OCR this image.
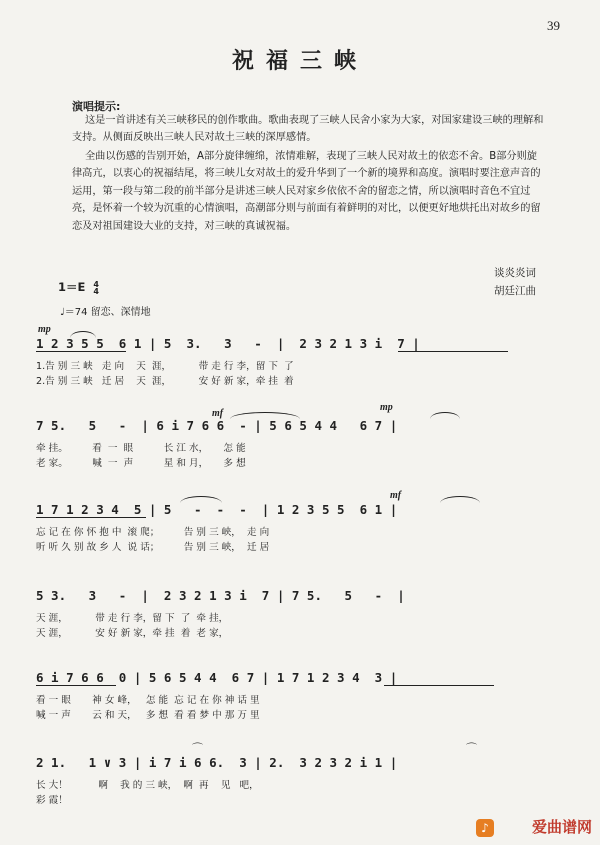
39
祝福三峡
演唱提示:
这是一首讲述有关三峡移民的创作歌曲。歌曲表现了三峡人民舍小家为大家，对国家建设三峡的理解和支持。从侧面反映出三峡人民对故土三峡的深厚感情。
全曲以伤感的告别开始，A部分旋律缠绵，浓情难解，表现了三峡人民对故土的依恋不舍。B部分则旋律高亢，以衷心的祝福结尾，将三峡儿女对故土的爱升华到了一个新的境界和高度。演唱时要注意声音的运用，第一段与第二段的前半部分是讲述三峡人民对家乡依依不舍的留恋之情，所以演唱时音色不宜过亮，是怀着一个较为沉重的心情演唱，高潮部分则与前面有着鲜明的对比，以便更好地烘托出对故乡的留恋及对祖国建设大业的支持，对三峡的真诚祝福。
谈炎炎词
胡廷江曲
1＝E 4
4
♩＝74 留恋、深情地
mp
1 2 3 5 5  6 1 | 5  3.   3   -  |  2 3 2 1 3 i  7 |
1.告 别 三 峡   走 向    天  涯，         带 走 行 李，留 下  了
2.告 别 三 峡   迁 居    天  涯，         安 好 新 家，牵 挂  着
mf
mp
7 5.   5   -  | 6 i 7 6 6  - | 5 6 5 4 4   6 7 |
牵 挂。        看  一  眼          长 江 水，     怎 能
老 家。        喊  一  声          星 和 月，     多 想
mf
1 7 1 2 3 4  5 | 5   -  -  -  | 1 2 3 5 5  6 1 |
忘 记 在 你 怀 抱 中  滚 爬；        告 别 三 峡，  走 向
听 听 久 别 故 乡 人  说 话；        告 别 三 峡，  迁 居
5 3.   3   -  |  2 3 2 1 3 i  7 | 7 5.   5   -  |
天 涯，         带 走 行 李，留 下  了  牵 挂，
天 涯，         安 好 新 家，牵 挂  着  老 家，
6 i 7 6 6  0 | 5 6 5 4 4  6 7 | 1 7 1 2 3 4  3 |
看 一 眼       神 女 峰，   怎 能  忘 记 在 你 神 话 里
喊 一 声       云 和 天，   多 想  看 看 梦 中 那 万 里
⌒	⌒
2 1.   1 ∨ 3 | i 7 i 6 6.  3 | 2.  3 2 3 2 i 1 |
长 大！          啊    我 的 三 峡，  啊  再    见   吧，
彩 霞！
♪	爱曲谱网
